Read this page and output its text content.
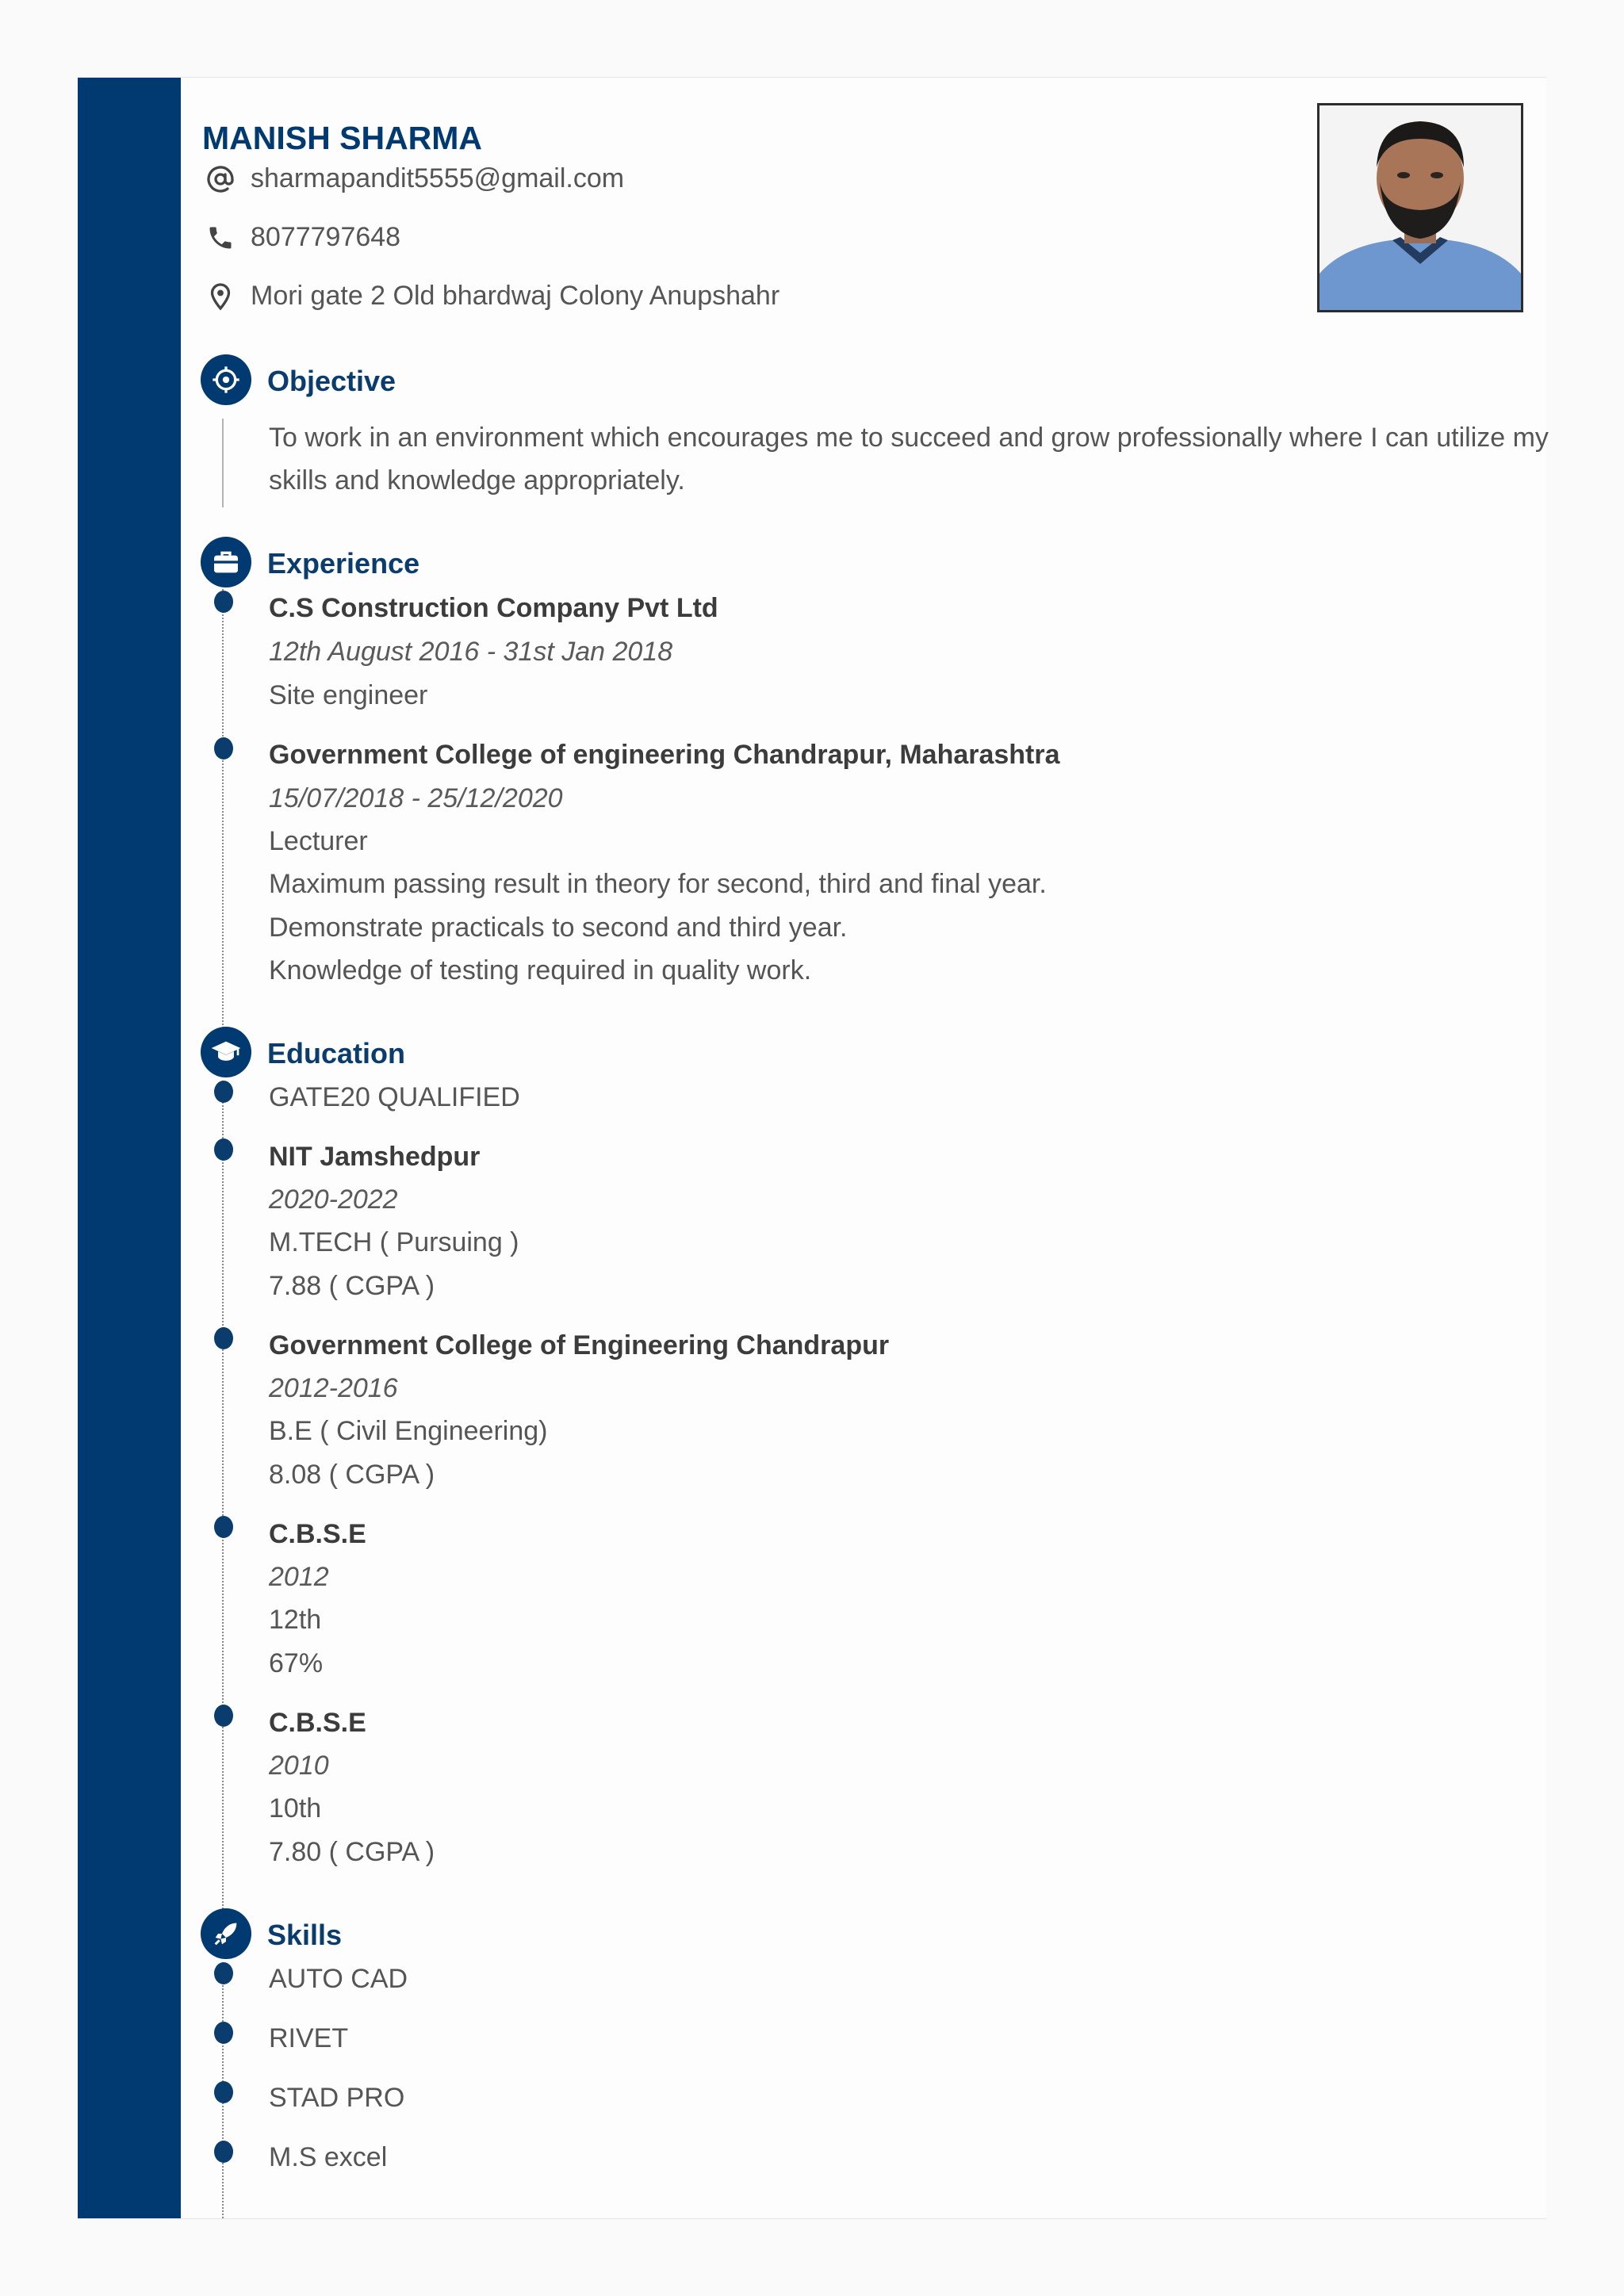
MANISH SHARMA
sharmapandit5555@gmail.com
8077797648
Mori gate 2 Old bhardwaj Colony Anupshahr
Objective

To work in an environment which encourages me to succeed and grow professionally where I can utilize my skills and knowledge appropriately.

Experience

C.S Construction Company Pvt Ltd

12th August 2016 - 31st Jan 2018

Site engineer

Government College of engineering Chandrapur, Maharashtra

15/07/2018 - 25/12/2020

Lecturer

Maximum passing result in theory for second, third and final year.

Demonstrate practicals to second and third year.

Knowledge of testing required in quality work.

Education

GATE20 QUALIFIED

NIT Jamshedpur

2020-2022

M.TECH ( Pursuing )

7.88 ( CGPA )

Government College of Engineering Chandrapur

2012-2016

B.E ( Civil Engineering)

8.08 ( CGPA )

C.B.S.E

2012

12th

67%

C.B.S.E

2010

10th

7.80 ( CGPA )

Skills

AUTO CAD

RIVET

STAD PRO

M.S excel
